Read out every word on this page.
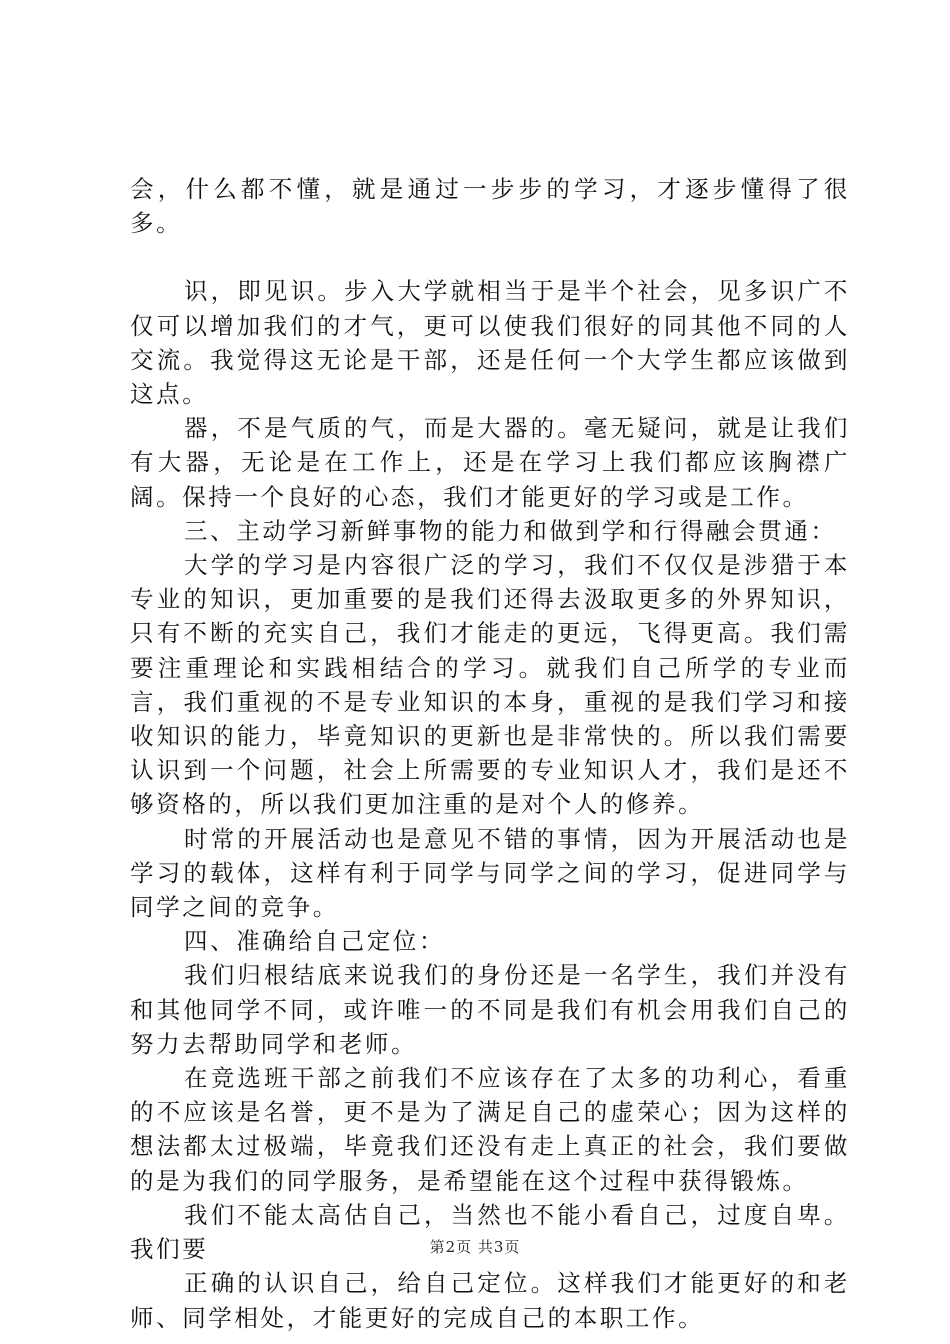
会，什么都不懂，就是通过一步步的学习，才逐步懂得了很多。

识，即见识。步入大学就相当于是半个社会，见多识广不仅可以增加我们的才气，更可以使我们很好的同其他不同的人交流。我觉得这无论是干部，还是任何一个大学生都应该做到这点。

器，不是气质的气，而是大器的。毫无疑问，就是让我们有大器，无论是在工作上，还是在学习上我们都应该胸襟广阔。保持一个良好的心态，我们才能更好的学习或是工作。

三、主动学习新鲜事物的能力和做到学和行得融会贯通：

大学的学习是内容很广泛的学习，我们不仅仅是涉猎于本专业的知识，更加重要的是我们还得去汲取更多的外界知识，只有不断的充实自己，我们才能走的更远，飞得更高。我们需要注重理论和实践相结合的学习。就我们自己所学的专业而言，我们重视的不是专业知识的本身，重视的是我们学习和接收知识的能力，毕竟知识的更新也是非常快的。所以我们需要认识到一个问题，社会上所需要的专业知识人才，我们是还不够资格的，所以我们更加注重的是对个人的修养。

时常的开展活动也是意见不错的事情，因为开展活动也是学习的载体，这样有利于同学与同学之间的学习，促进同学与同学之间的竞争。

四、准确给自己定位：

我们归根结底来说我们的身份还是一名学生，我们并没有和其他同学不同，或许唯一的不同是我们有机会用我们自己的努力去帮助同学和老师。

在竞选班干部之前我们不应该存在了太多的功利心，看重的不应该是名誉，更不是为了满足自己的虚荣心；因为这样的想法都太过极端，毕竟我们还没有走上真正的社会，我们要做的是为我们的同学服务，是希望能在这个过程中获得锻炼。

我们不能太高估自己，当然也不能小看自己，过度自卑。我们要

正确的认识自己，给自己定位。这样我们才能更好的和老师、同学相处，才能更好的完成自己的本职工作。

第2页 共3页
